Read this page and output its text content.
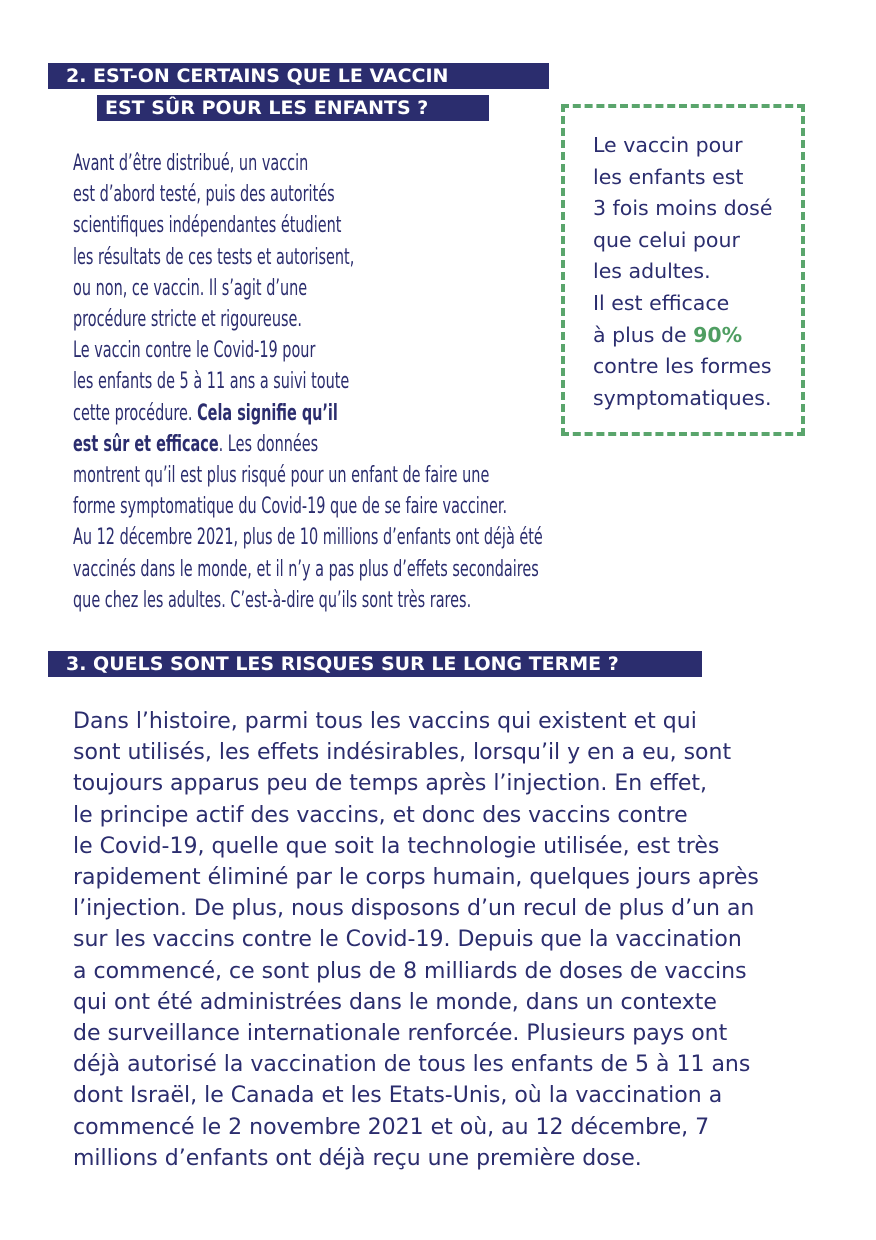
2. EST-ON CERTAINS QUE LE VACCIN
EST SÛR POUR LES ENFANTS ?
Avant d’être distribué, un vaccin
est d’abord testé, puis des autorités
scientifiques indépendantes étudient
les résultats de ces tests et autorisent,
ou non, ce vaccin. Il s’agit d’une
procédure stricte et rigoureuse.
Le vaccin contre le Covid-19 pour
les enfants de 5 à 11 ans a suivi toute
cette procédure. Cela signifie qu’il
est sûr et efficace. Les données
montrent qu’il est plus risqué pour un enfant de faire une
forme symptomatique du Covid-19 que de se faire vacciner.
Au 12 décembre 2021, plus de 10 millions d’enfants ont déjà été
vaccinés dans le monde, et il n’y a pas plus d’effets secondaires
que chez les adultes. C’est-à-dire qu’ils sont très rares.
Le vaccin pour
les enfants est
3 fois moins dosé
que celui pour
les adultes.
Il est efficace
à plus de 90%
contre les formes
symptomatiques.
3. QUELS SONT LES RISQUES SUR LE LONG TERME ?
Dans l’histoire, parmi tous les vaccins qui existent et qui
sont utilisés, les effets indésirables, lorsqu’il y en a eu, sont
toujours apparus peu de temps après l’injection. En effet,
le principe actif des vaccins, et donc des vaccins contre
le Covid-19, quelle que soit la technologie utilisée, est très
rapidement éliminé par le corps humain, quelques jours après
l’injection. De plus, nous disposons d’un recul de plus d’un an
sur les vaccins contre le Covid-19. Depuis que la vaccination
a commencé, ce sont plus de 8 milliards de doses de vaccins
qui ont été administrées dans le monde, dans un contexte
de surveillance internationale renforcée. Plusieurs pays ont
déjà autorisé la vaccination de tous les enfants de 5 à 11 ans
dont Israël, le Canada et les Etats-Unis, où la vaccination a
commencé le 2 novembre 2021 et où, au 12 décembre, 7
millions d’enfants ont déjà reçu une première dose.
